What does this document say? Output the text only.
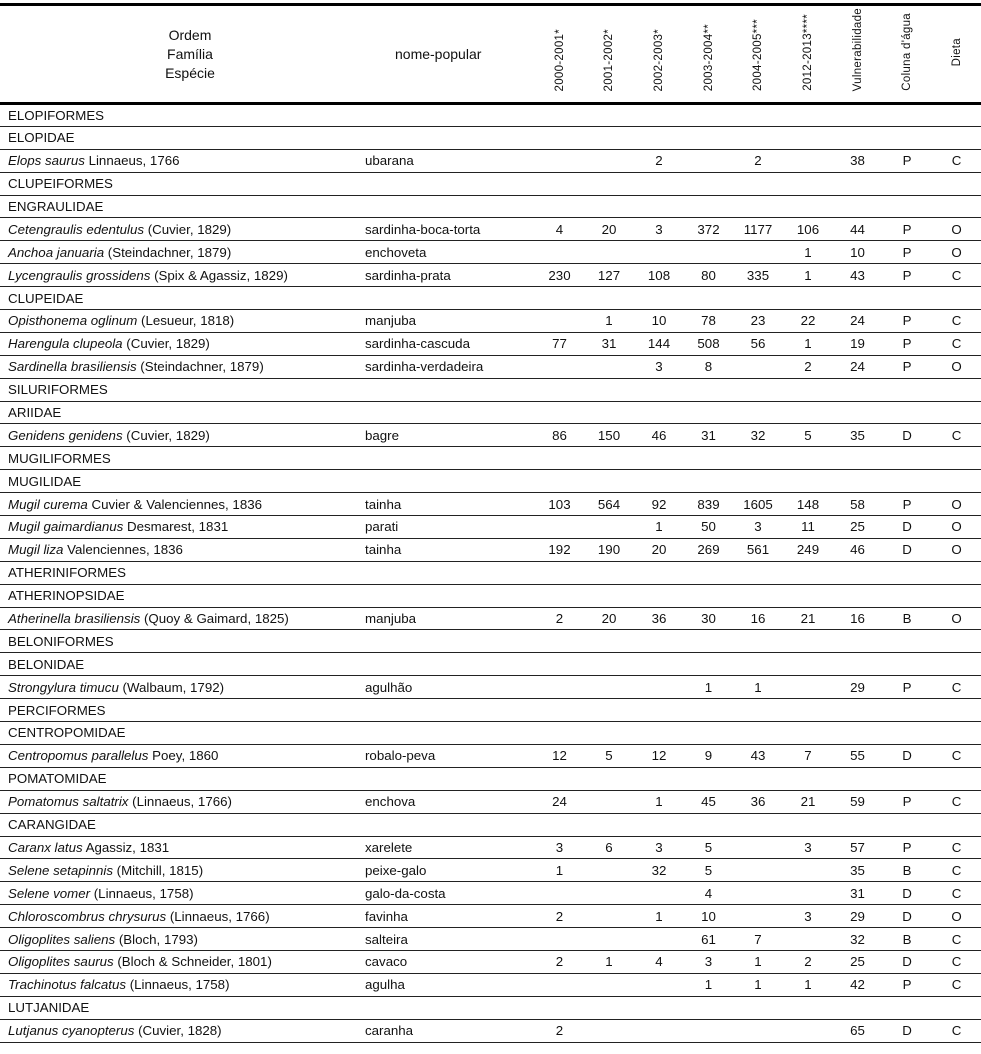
Ordem
Família
Espécie	nome-popular	2000-2001*	2001-2002*	2002-2003*	2003-2004**	2004-2005***	2012-2013****	Vulnerabilidade	Coluna d'água	Dieta
ELOPIFORMES										
ELOPIDAE										
Elops saurus Linnaeus, 1766	ubarana			2		2		38	P	C
CLUPEIFORMES										
ENGRAULIDAE										
Cetengraulis edentulus (Cuvier, 1829)	sardinha-boca-torta	4	20	3	372	1177	106	44	P	O
Anchoa januaria (Steindachner, 1879)	enchoveta						1	10	P	O
Lycengraulis grossidens (Spix & Agassiz, 1829)	sardinha-prata	230	127	108	80	335	1	43	P	C
CLUPEIDAE										
Opisthonema oglinum (Lesueur, 1818)	manjuba		1	10	78	23	22	24	P	C
Harengula clupeola (Cuvier, 1829)	sardinha-cascuda	77	31	144	508	56	1	19	P	C
Sardinella brasiliensis (Steindachner, 1879)	sardinha-verdadeira			3	8		2	24	P	O
SILURIFORMES										
ARIIDAE										
Genidens genidens (Cuvier, 1829)	bagre	86	150	46	31	32	5	35	D	C
MUGILIFORMES										
MUGILIDAE										
Mugil curema Cuvier & Valenciennes, 1836	tainha	103	564	92	839	1605	148	58	P	O
Mugil gaimardianus Desmarest, 1831	parati			1	50	3	11	25	D	O
Mugil liza Valenciennes, 1836	tainha	192	190	20	269	561	249	46	D	O
ATHERINIFORMES										
ATHERINOPSIDAE										
Atherinella brasiliensis (Quoy & Gaimard, 1825)	manjuba	2	20	36	30	16	21	16	B	O
BELONIFORMES										
BELONIDAE										
Strongylura timucu (Walbaum, 1792)	agulhão				1	1		29	P	C
PERCIFORMES										
CENTROPOMIDAE										
Centropomus parallelus Poey, 1860	robalo-peva	12	5	12	9	43	7	55	D	C
POMATOMIDAE										
Pomatomus saltatrix (Linnaeus, 1766)	enchova	24		1	45	36	21	59	P	C
CARANGIDAE										
Caranx latus Agassiz, 1831	xarelete	3	6	3	5		3	57	P	C
Selene setapinnis (Mitchill, 1815)	peixe-galo	1		32	5			35	B	C
Selene vomer (Linnaeus, 1758)	galo-da-costa				4			31	D	C
Chloroscombrus chrysurus (Linnaeus, 1766)	favinha	2		1	10		3	29	D	O
Oligoplites saliens (Bloch, 1793)	salteira				61	7		32	B	C
Oligoplites saurus (Bloch & Schneider, 1801)	cavaco	2	1	4	3	1	2	25	D	C
Trachinotus falcatus (Linnaeus, 1758)	agulha				1	1	1	42	P	C
LUTJANIDAE										
Lutjanus cyanopterus (Cuvier, 1828)	caranha	2						65	D	C
